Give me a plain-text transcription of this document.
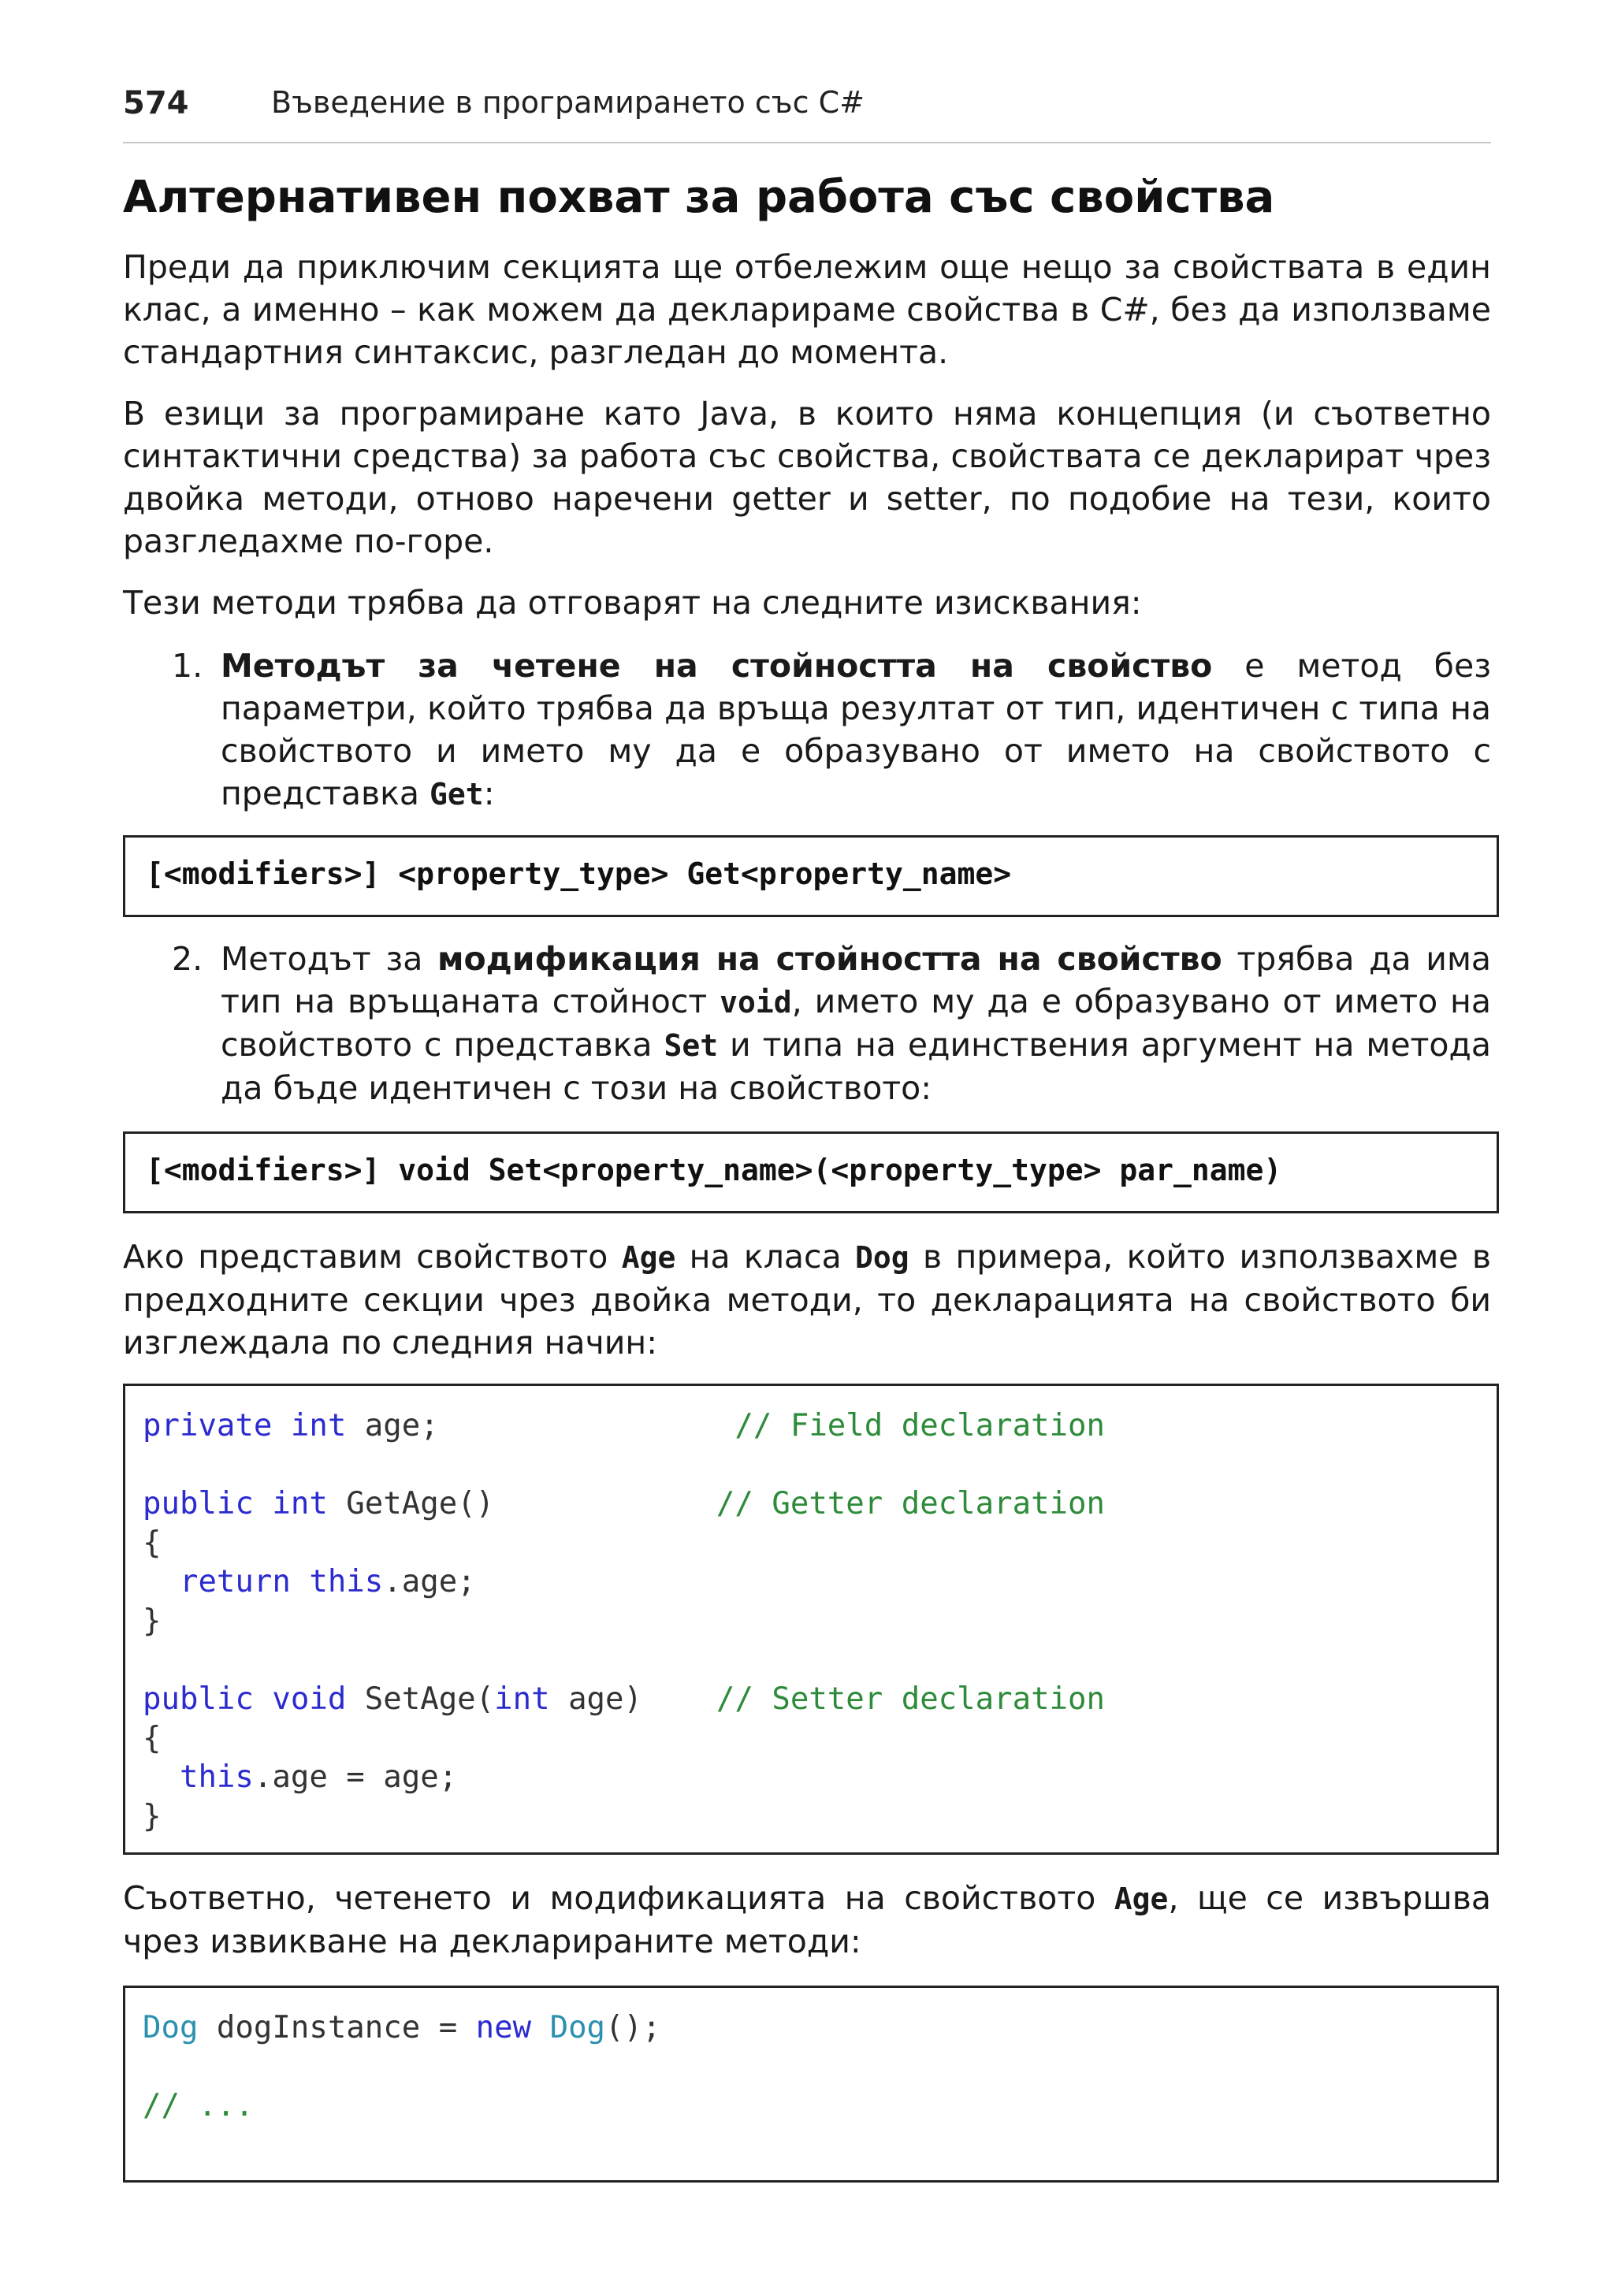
574	Въведение в програмирането със C#
Алтернативен похват за работа със свойства

Преди да приключим секцията ще отбележим още нещо за свойствата в един клас, а именно – как можем да декларираме свойства в C#, без да използваме стандартния синтаксис, разгледан до момента.

В езици за програмиране като Java, в които няма концепция (и съответно синтактични средства) за работа със свойства, свойствата се декларират чрез двойка методи, отново наречени getter и setter, по подобие на тези, които разгледахме по-горе.

Тези методи трябва да отговарят на следните изисквания:

1. Методът за четене на стойността на свойство е метод без параметри, който трябва да връща резултат от тип, идентичен с типа на свойството и името му да е образувано от името на свойството с представка Get:
[<modifiers>] <property_type> Get<property_name>
2. Методът за модификация на стойността на свойство трябва да има тип на връщаната стойност void, името му да е образувано от името на свойството с представка Set и типа на единствения аргумент на метода да бъде идентичен с този на свойството:
[<modifiers>] void Set<property_name>(<property_type> par_name)

Ако представим свойството Age на класа Dog в примера, който използвахме в предходните секции чрез двойка методи, то декларацията на свойството би изглеждала по следния начин:

private int age;	// Field declaration

public int GetAge()	// Getter declaration
{
return this.age;
}

public void SetAge(int age) // Setter declaration
{
this.age = age;
}

Съответно, четенето и модификацията на свойството Age, ще се извършва чрез извикване на декларираните методи:

Dog dogInstance = new Dog();

// ...
